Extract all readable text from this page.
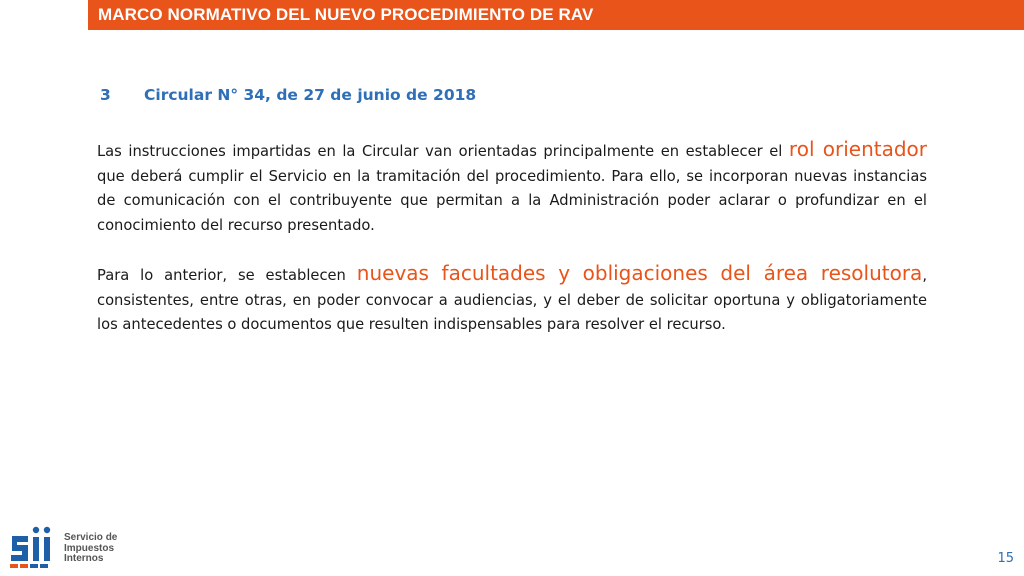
MARCO NORMATIVO DEL NUEVO PROCEDIMIENTO DE RAV
3 Circular N° 34, de 27 de junio de 2018

Las instrucciones impartidas en la Circular van orientadas principalmente en establecer el rol orientador que deberá cumplir el Servicio en la tramitación del procedimiento. Para ello, se incorporan nuevas instancias de comunicación con el contribuyente que permitan a la Administración poder aclarar o profundizar en el conocimiento del recurso presentado.

Para lo anterior, se establecen nuevas facultades y obligaciones del área resolutora, consistentes, entre otras, en poder convocar a audiencias, y el deber de solicitar oportuna y obligatoriamente los antecedentes o documentos que resulten indispensables para resolver el recurso.

Sii
Servicio de
Impuestos
Internos	15
